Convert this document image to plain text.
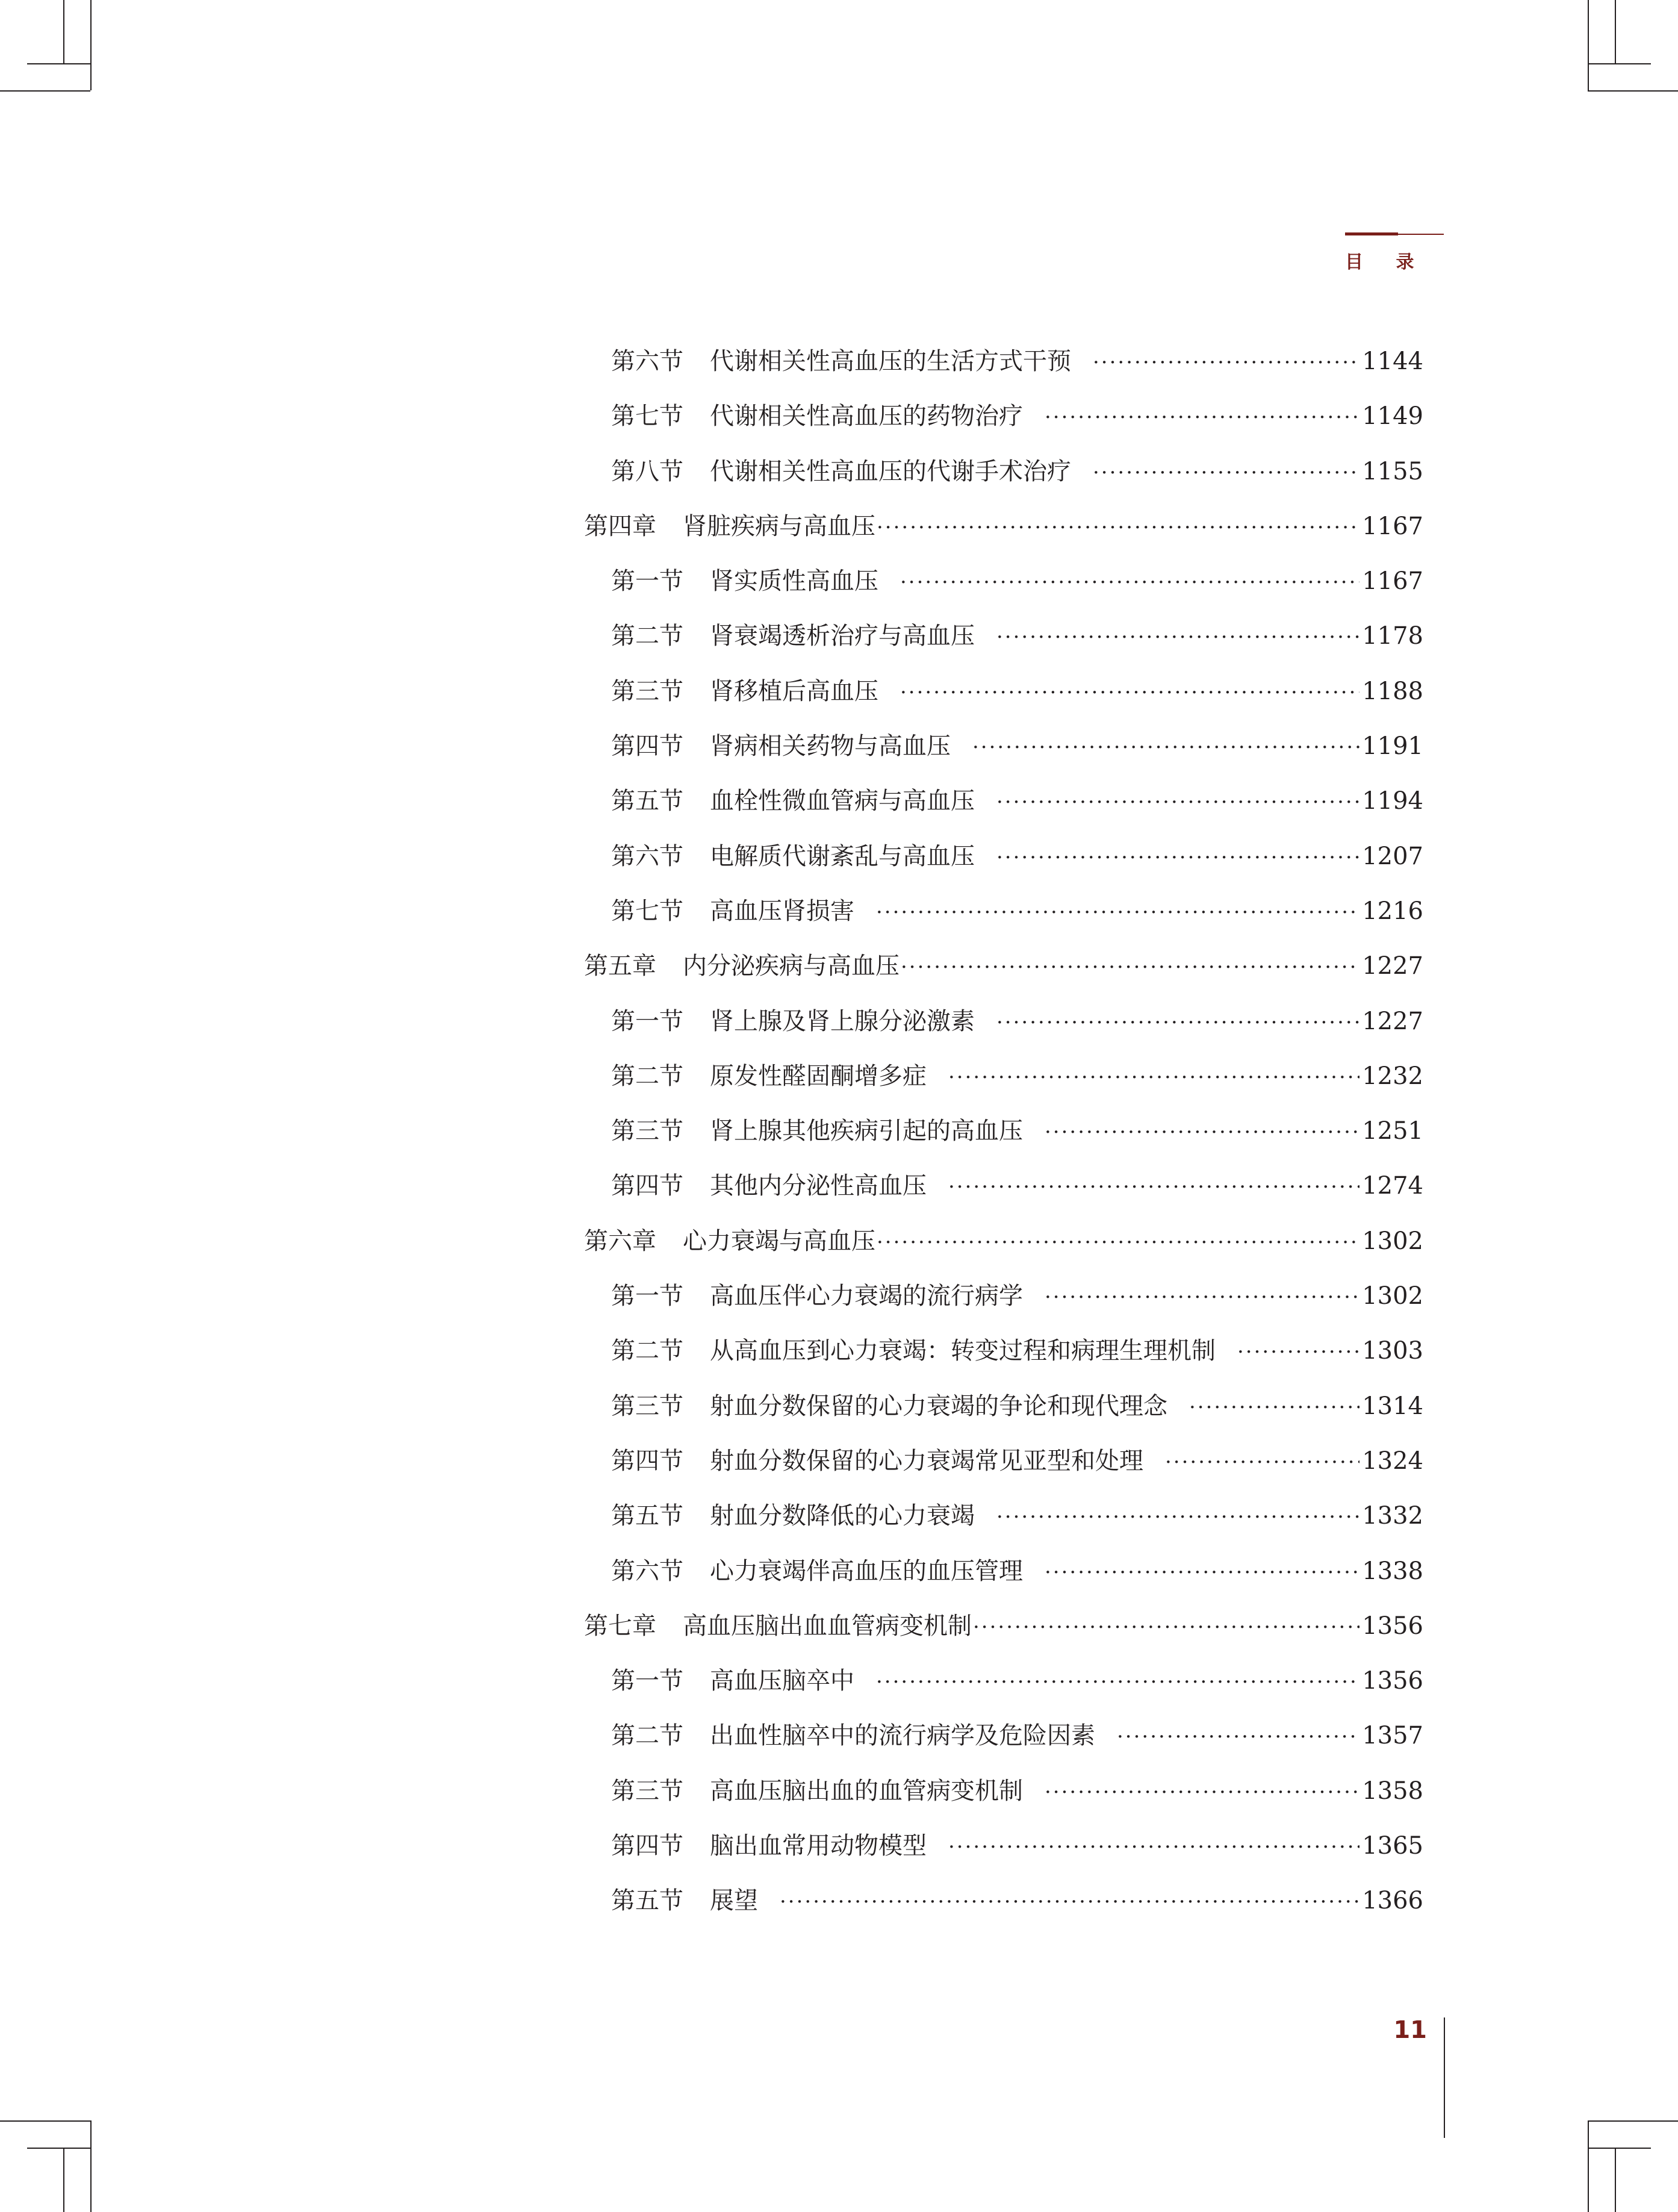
目 录
第六节 代谢相关性高血压的生活方式干预 ·····	1144
第七节 代谢相关性高血压的药物治疗 ·····	1149
第八节 代谢相关性高血压的代谢手术治疗 ·····	1155
第四章 肾脏疾病与高血压 ·····	1167
第一节 肾实质性高血压 ·····	1167
第二节 肾衰竭透析治疗与高血压 ·····	1178
第三节 肾移植后高血压 ·····	1188
第四节 肾病相关药物与高血压 ·····	1191
第五节 血栓性微血管病与高血压 ·····	1194
第六节 电解质代谢紊乱与高血压 ·····	1207
第七节 高血压肾损害 ·····	1216
第五章 内分泌疾病与高血压 ·····	1227
第一节 肾上腺及肾上腺分泌激素 ·····	1227
第二节 原发性醛固酮增多症 ·····	1232
第三节 肾上腺其他疾病引起的高血压 ·····	1251
第四节 其他内分泌性高血压 ·····	1274
第六章 心力衰竭与高血压 ·····	1302
第一节 高血压伴心力衰竭的流行病学 ·····	1302
第二节 从高血压到心力衰竭：转变过程和病理生理机制 ·····	1303
第三节 射血分数保留的心力衰竭的争论和现代理念 ·····	1314
第四节 射血分数保留的心力衰竭常见亚型和处理 ·····	1324
第五节 射血分数降低的心力衰竭 ·····	1332
第六节 心力衰竭伴高血压的血压管理 ·····	1338
第七章 高血压脑出血血管病变机制 ·····	1356
第一节 高血压脑卒中 ·····	1356
第二节 出血性脑卒中的流行病学及危险因素 ·····	1357
第三节 高血压脑出血的血管病变机制 ·····	1358
第四节 脑出血常用动物模型 ·····	1365
第五节 展望 ·····	1366
11
